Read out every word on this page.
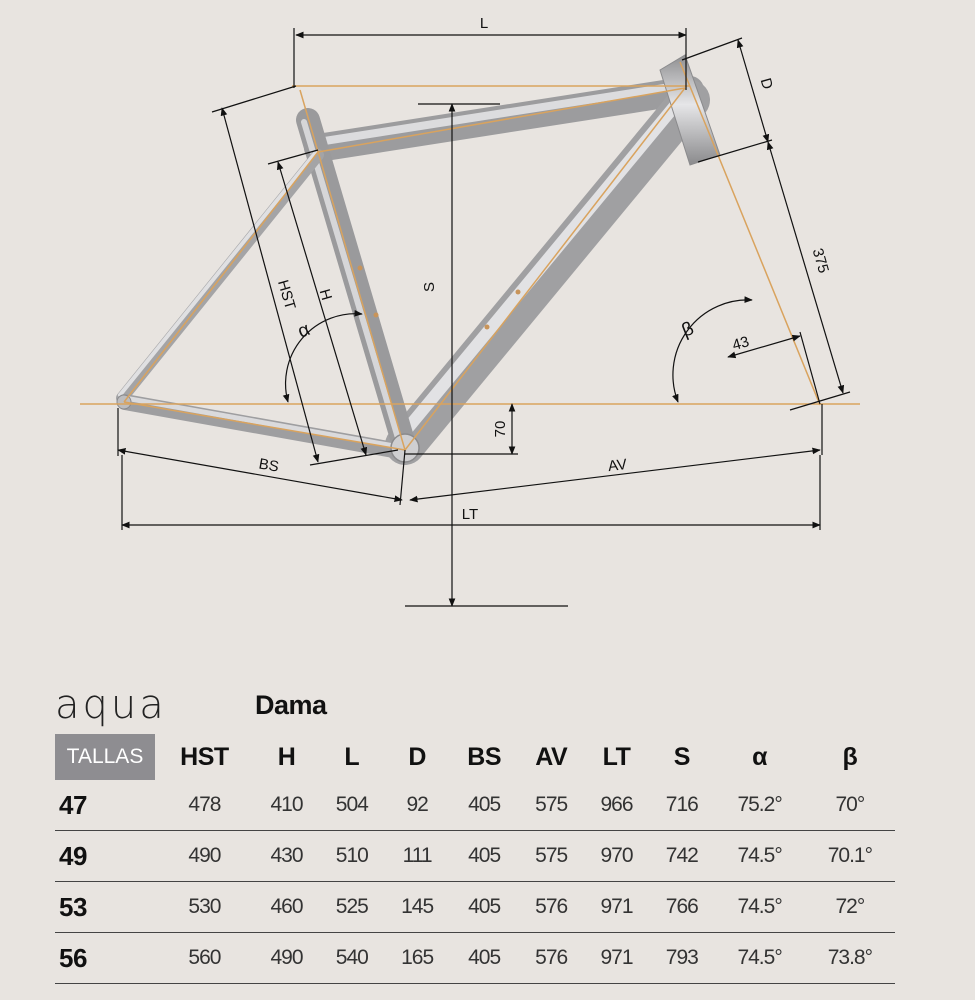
L
D
375
HST H
α
S
β
43
70
BS	AV
LT
aqua	Dama
TALLAS	HST	H	L	D	BS	AV	LT	S	α	β
47	478	410	504	92	405	575	966	716	75.2°	70°
49	490	430	510	111	405	575	970	742	74.5°	70.1°
53	530	460	525	145	405	576	971	766	74.5°	72°
56	560	490	540	165	405	576	971	793	74.5°	73.8°
